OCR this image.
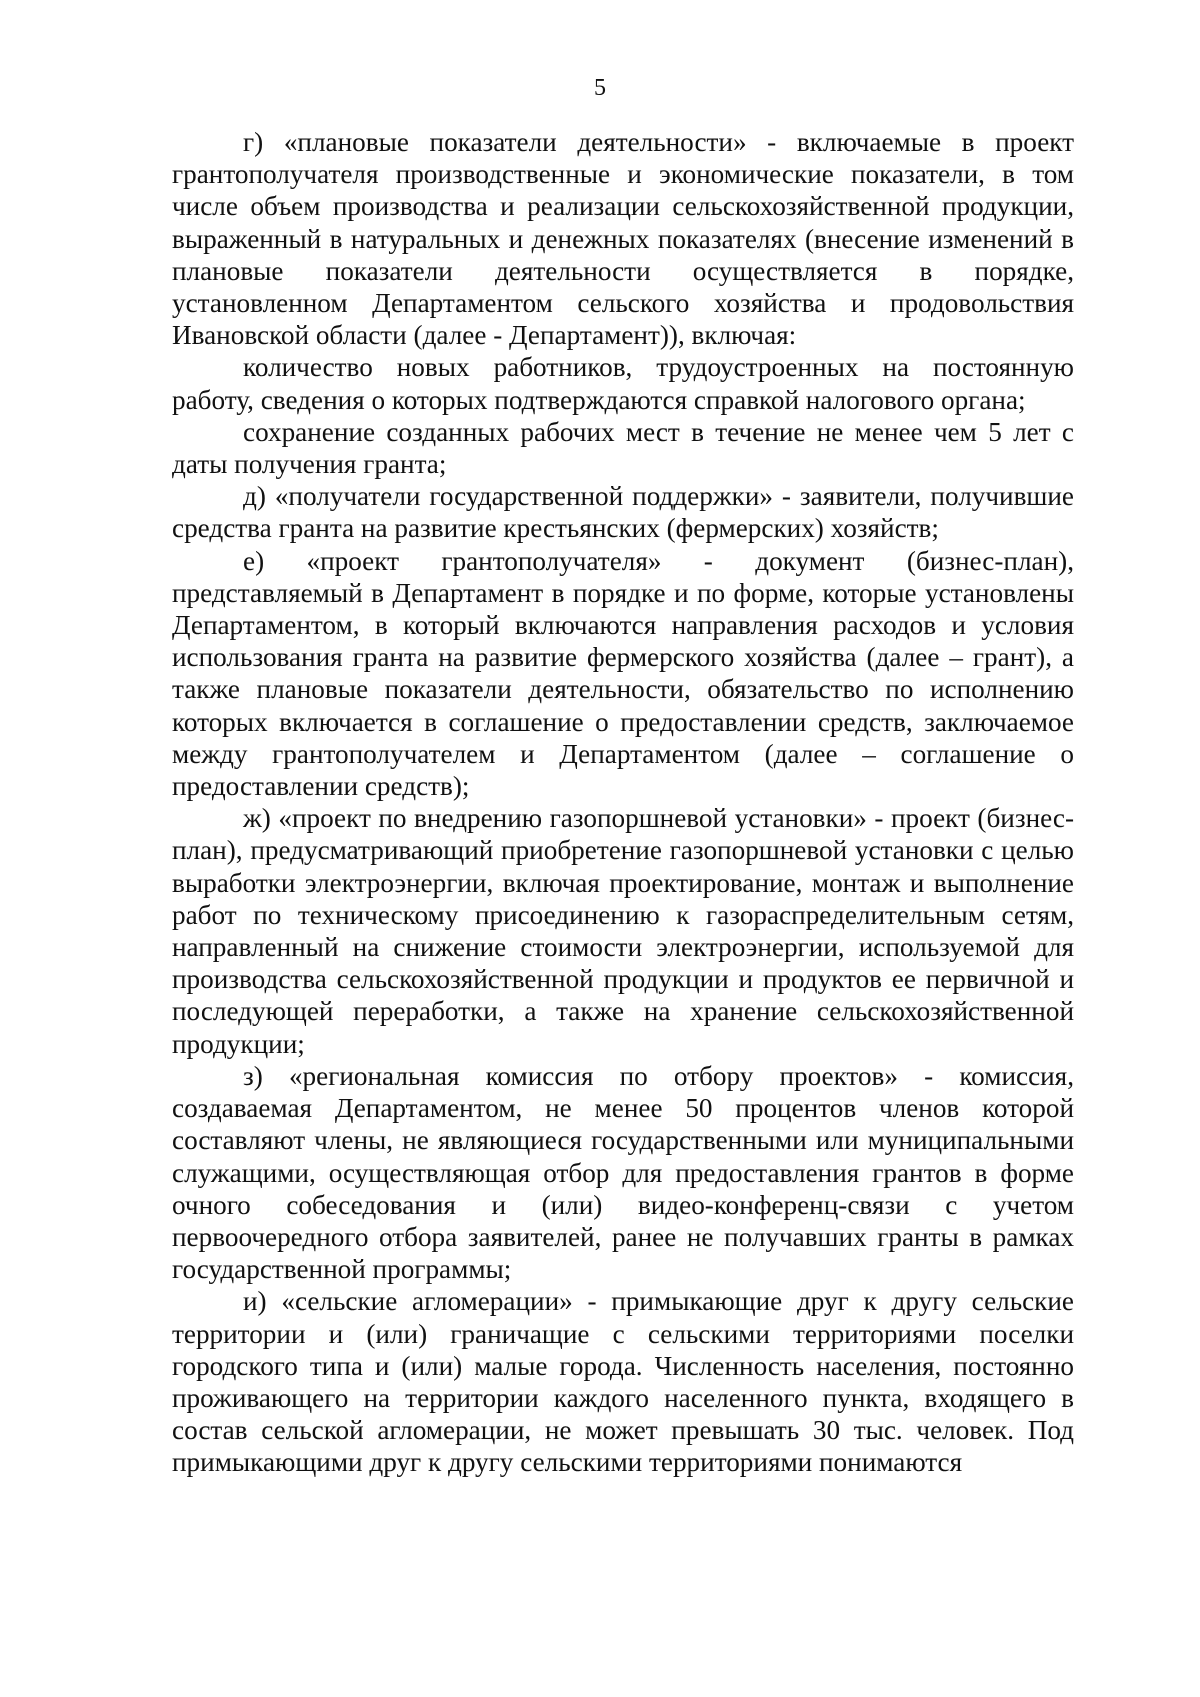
5

г) «плановые показатели деятельности» - включаемые в проект грантополучателя производственные и экономические показатели, в том числе объем производства и реализации сельскохозяйственной продукции, выраженный в натуральных и денежных показателях (внесение изменений в плановые показатели деятельности осуществляется в порядке, установленном Департаментом сельского хозяйства и продовольствия Ивановской области (далее - Департамент)), включая:

количество новых работников, трудоустроенных на постоянную работу, сведения о которых подтверждаются справкой налогового органа;

сохранение созданных рабочих мест в течение не менее чем 5 лет с даты получения гранта;

д) «получатели государственной поддержки» - заявители, получившие средства гранта на развитие крестьянских (фермерских) хозяйств;

е) «проект грантополучателя» - документ (бизнес-план), представляемый в Департамент в порядке и по форме, которые установлены Департаментом, в который включаются направления расходов и условия использования гранта на развитие фермерского хозяйства (далее – грант), а также плановые показатели деятельности, обязательство по исполнению которых включается в соглашение о предоставлении средств, заключаемое между грантополучателем и Департаментом (далее – соглашение о предоставлении средств);

ж) «проект по внедрению газопоршневой установки» - проект (бизнес-план), предусматривающий приобретение газопоршневой установки с целью выработки электроэнергии, включая проектирование, монтаж и выполнение работ по техническому присоединению к газораспределительным сетям, направленный на снижение стоимости электроэнергии, используемой для производства сельскохозяйственной продукции и продуктов ее первичной и последующей переработки, а также на хранение сельскохозяйственной продукции;

з) «региональная комиссия по отбору проектов» - комиссия, создаваемая Департаментом, не менее 50 процентов членов которой составляют члены, не являющиеся государственными или муниципальными служащими, осуществляющая отбор для предоставления грантов в форме очного собеседования и (или) видео-конференц-связи с учетом первоочередного отбора заявителей, ранее не получавших гранты в рамках государственной программы;

и) «сельские агломерации» - примыкающие друг к другу сельские территории и (или) граничащие с сельскими территориями поселки городского типа и (или) малые города. Численность населения, постоянно проживающего на территории каждого населенного пункта, входящего в состав сельской агломерации, не может превышать 30 тыс. человек. Под примыкающими друг к другу сельскими территориями понимаются
